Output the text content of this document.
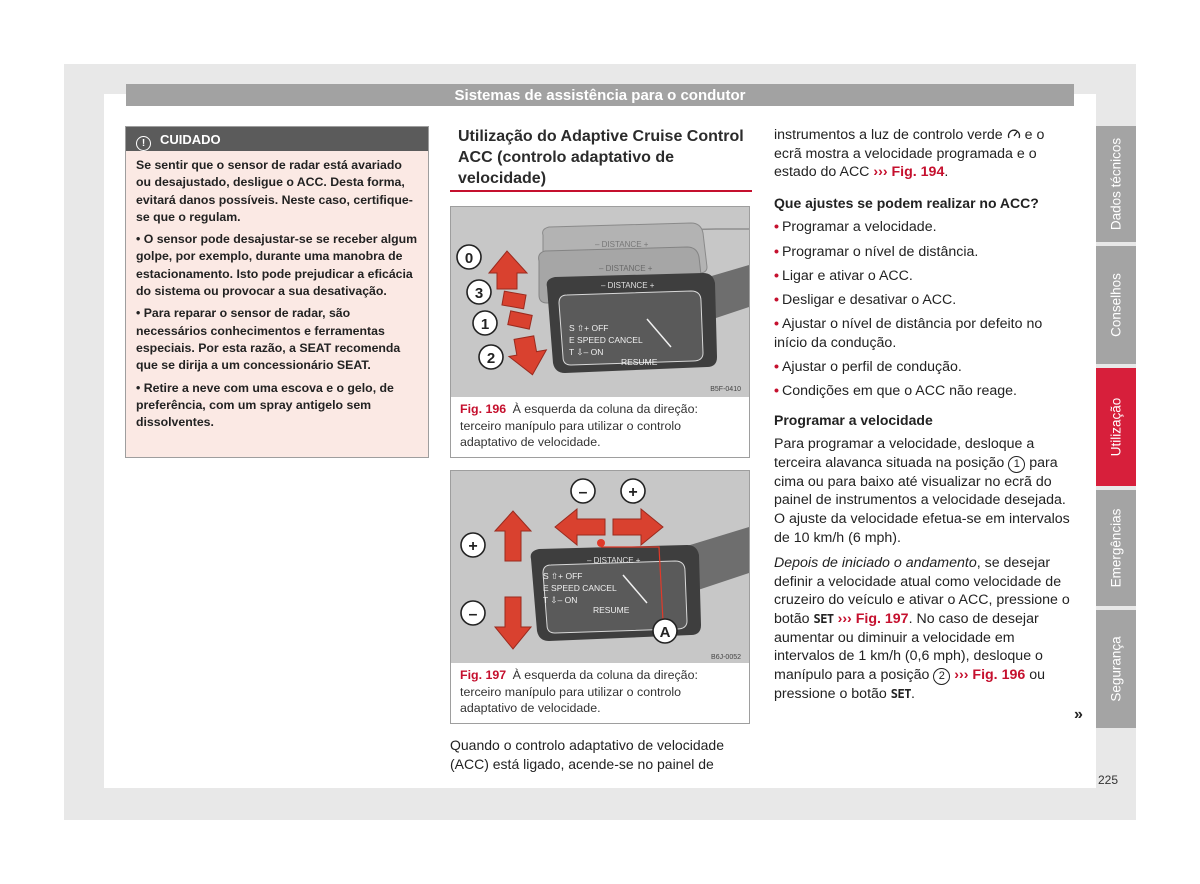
Sistemas de assistência para o condutor
! CUIDADO

Se sentir que o sensor de radar está avariado ou desajustado, desligue o ACC. Desta forma, evitará danos possíveis. Neste caso, certifique-se que o regulam.

• O sensor pode desajustar-se se receber algum golpe, por exemplo, durante uma manobra de estacionamento. Isto pode prejudicar a eficácia do sistema ou provocar a sua desativação.

• Para reparar o sensor de radar, são necessários conhecimentos e ferramentas especiais. Por esta razão, a SEAT recomenda que se dirija a um concessionário SEAT.

• Retire a neve com uma escova e o gelo, de preferência, com um spray antigelo sem dissolventes.

Utilização do Adaptive Cruise Control ACC (controlo adaptativo de velocidade)
– DISTANCE +
– DISTANCE +
– DISTANCE +
S ⇧+ OFF
E SPEED CANCEL
T ⇩– ON
RESUME
0
3
1
2
B5F-0410
Fig. 196 À esquerda da coluna da direção: terceiro manípulo para utilizar o controlo adaptativo de velocidade.
– DISTANCE +
S ⇧+ OFF
E SPEED CANCEL
T ⇩– ON
RESUME
–	+
+
–
A
B6J-0052
Fig. 197 À esquerda da coluna da direção: terceiro manípulo para utilizar o controlo adaptativo de velocidade.

Quando o controlo adaptativo de velocidade (ACC) está ligado, acende-se no painel de

instrumentos a luz de controlo verde e o ecrã mostra a velocidade programada e o estado do ACC ››› Fig. 194.

Que ajustes se podem realizar no ACC?
• Programar a velocidade.
• Programar o nível de distância.
• Ligar e ativar o ACC.
• Desligar e desativar o ACC.
• Ajustar o nível de distância por defeito no início da condução.
• Ajustar o perfil de condução.
• Condições em que o ACC não reage.
Programar a velocidade

Para programar a velocidade, desloque a terceira alavanca situada na posição 1 para cima ou para baixo até visualizar no ecrã do painel de instrumentos a velocidade desejada. O ajuste da velocidade efetua-se em intervalos de 10 km/h (6 mph).

Depois de iniciado o andamento, se desejar definir a velocidade atual como velocidade de cruzeiro do veículo e ativar o ACC, pressione o botão SET ››› Fig. 197. No caso de desejar aumentar ou diminuir a velocidade em intervalos de 1 km/h (0,6 mph), desloque o manípulo para a posição 2 ››› Fig. 196 ou pressione o botão SET.

»
Dados técnicos
Conselhos
Utilização
Emergências
Segurança
225
